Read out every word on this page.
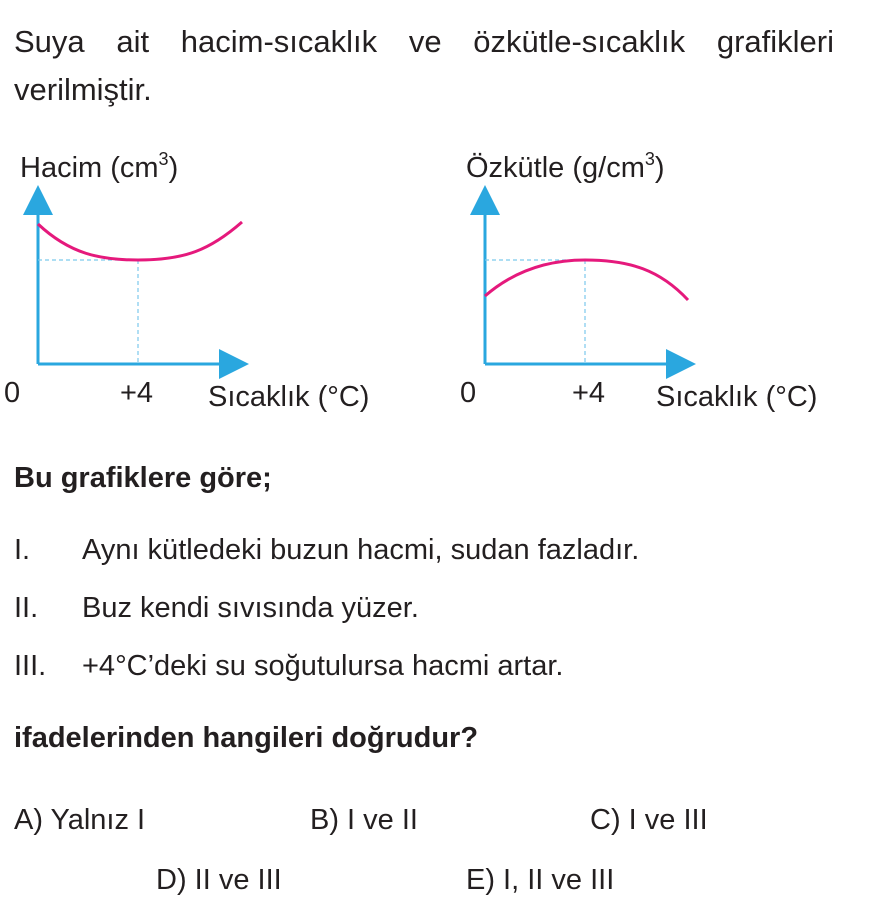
Suya ait hacim-sıcaklık ve özkütle-sıcaklık grafikleri
verilmiştir.
Hacim $(cm^3)$
0	+4 Sıcaklık (°C)
Özkütle $(g/cm^3)$
0	+4 Sıcaklık (°C)
Bu grafiklere göre;
I. Aynı kütledeki buzun hacmi, sudan fazladır.
II. Buz kendi sıvısında yüzer.
III. +4°C’deki su soğutulursa hacmi artar.
ifadelerinden hangileri doğrudur?
A) Yalnız I	B) I ve II	C) I ve III
D) II ve III	E) I, II ve III
